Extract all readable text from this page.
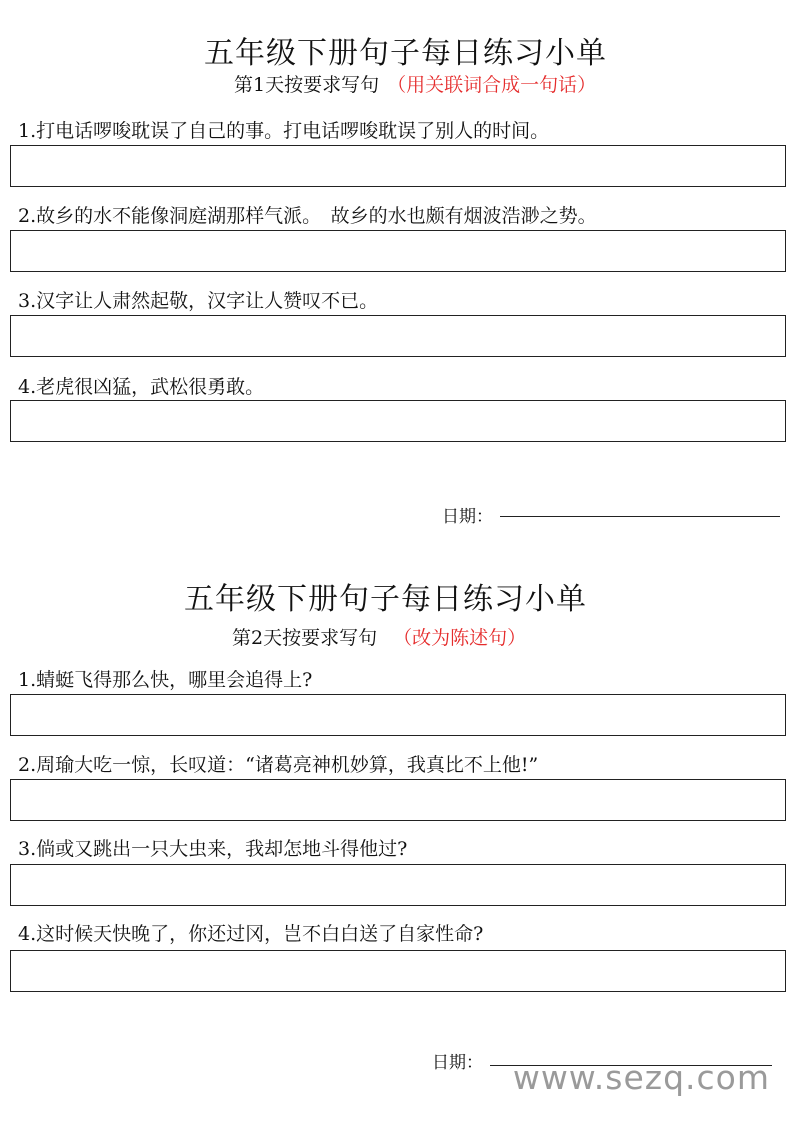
五年级下册句子每日练习小单
第1天按要求写句 （用关联词合成一句话）
1.打电话啰唆耽误了自己的事。打电话啰唆耽误了别人的时间。
2.故乡的水不能像洞庭湖那样气派。　故乡的水也颇有烟波浩渺之势。
3.汉字让人肃然起敬，汉字让人赞叹不已。
4.老虎很凶猛，武松很勇敢。
日期：
五年级下册句子每日练习小单
第2天按要求写句 （改为陈述句）
1.蜻蜓飞得那么快，哪里会追得上?
2.周瑜大吃一惊，长叹道：“诸葛亮神机妙算，我真比不上他!”
3.倘或又跳出一只大虫来，我却怎地斗得他过?
4.这时候天快晚了，你还过冈，岂不白白送了自家性命?
日期： www.sezq.com
